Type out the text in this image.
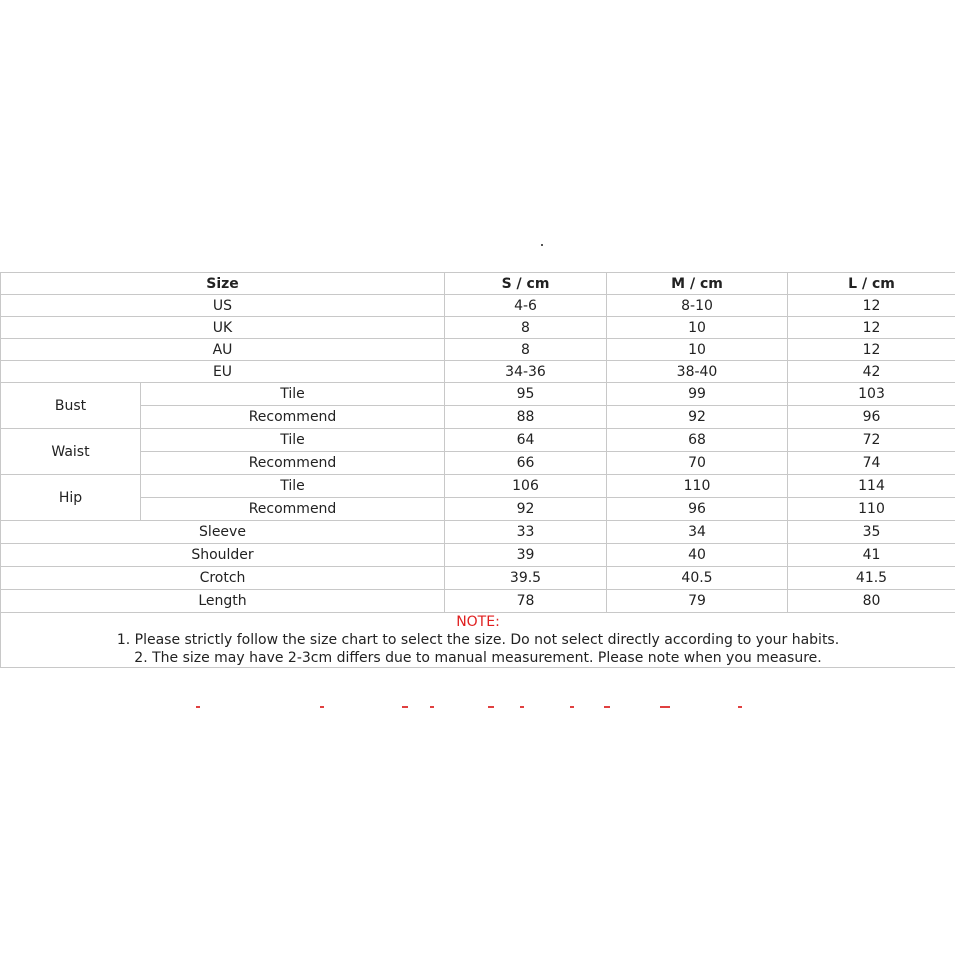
Size		S / cm	M / cm	L / cm
US		4-6	8-10	12
UK		8	10	12
AU		8	10	12
EU		34-36	38-40	42
Bust	Tile	95	99	103
	Recommend	88	92	96
Waist	Tile	64	68	72
	Recommend	66	70	74
Hip	Tile	106	110	114
	Recommend	92	96	110
Sleeve		33	34	35
Shoulder		39	40	41
Crotch		39.5	40.5	41.5
Length		78	79	80

NOTE:
1. Please strictly follow the size chart to select the size. Do not select directly according to your habits.
2. The size may have 2-3cm differs due to manual measurement. Please note when you measure.				
